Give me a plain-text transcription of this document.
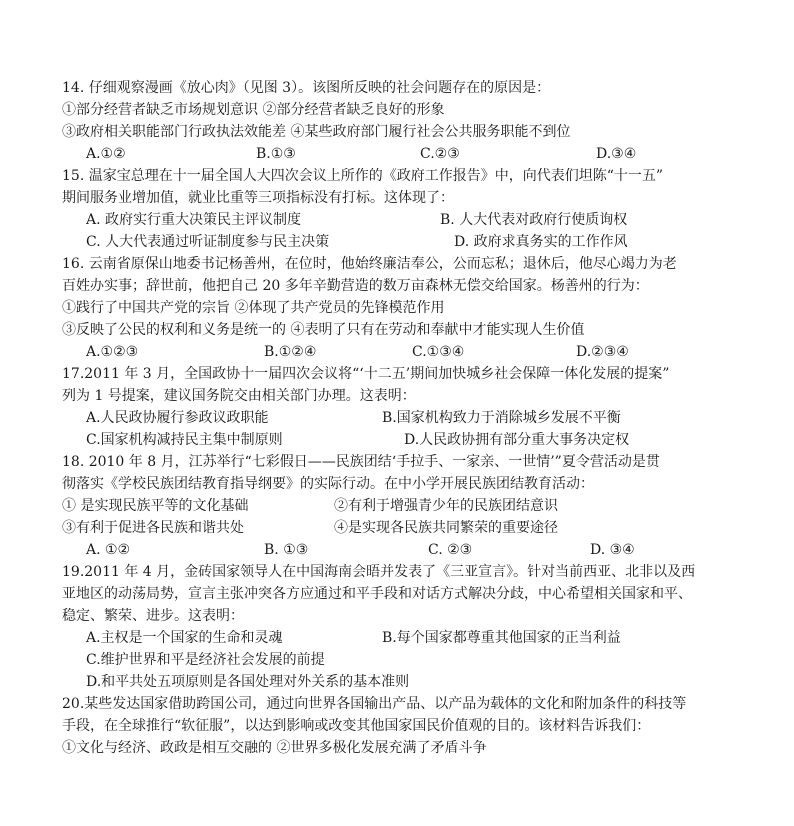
14. 仔细观察漫画《放心肉》（见图 3）。该图所反映的社会问题存在的原因是：
①部分经营者缺乏市场规划意识 ②部分经营者缺乏良好的形象
③政府相关职能部门行政执法效能差 ④某些政府部门履行社会公共服务职能不到位
A.①②	B.①③	C.②③	D.③④
15. 温家宝总理在十一届全国人大四次会议上所作的《政府工作报告》中，向代表们坦陈“十一五”
期间服务业增加值，就业比重等三项指标没有打标。这体现了：
A. 政府实行重大决策民主评议制度	B. 人大代表对政府行使质询权
C. 人大代表通过听证制度参与民主决策	D. 政府求真务实的工作作风
16. 云南省原保山地委书记杨善州，在位时，他始终廉洁奉公，公而忘私；退休后，他尽心竭力为老
百姓办实事；辞世前，他把自己 20 多年辛勤营造的数万亩森林无偿交给国家。杨善州的行为：
①践行了中国共产党的宗旨 ②体现了共产党员的先锋模范作用
③反映了公民的权利和义务是统一的 ④表明了只有在劳动和奉献中才能实现人生价值
A.①②③	B.①②④	C.①③④	D.②③④
17.2011 年 3 月，全国政协十一届四次会议将“‘十二五’期间加快城乡社会保障一体化发展的提案”
列为 1 号提案，建议国务院交由相关部门办理。这表明：
A.人民政协履行参政议政职能	B.国家机构致力于消除城乡发展不平衡
C.国家机构减持民主集中制原则	D.人民政协拥有部分重大事务决定权
18. 2010 年 8 月，江苏举行“七彩假日——民族团结‘手拉手、一家亲、一世情’”夏令营活动是贯
彻落实《学校民族团结教育指导纲要》的实际行动。在中小学开展民族团结教育活动：
① 是实现民族平等的文化基础	②有利于增强青少年的民族团结意识
③有利于促进各民族和谐共处	④是实现各民族共同繁荣的重要途径
A. ①②	B. ①③	C. ②③	D. ③④
19.2011 年 4 月，金砖国家领导人在中国海南会晤并发表了《三亚宣言》。针对当前西亚、北非以及西
亚地区的动荡局势，宣言主张冲突各方应通过和平手段和对话方式解决分歧，中心希望相关国家和平、
稳定、繁荣、进步。这表明：
A.主权是一个国家的生命和灵魂	B.每个国家都尊重其他国家的正当利益
C.维护世界和平是经济社会发展的前提
D.和平共处五项原则是各国处理对外关系的基本准则
20.某些发达国家借助跨国公司，通过向世界各国输出产品、以产品为载体的文化和附加条件的科技等
手段，在全球推行“软征服”，以达到影响或改变其他国家国民价值观的目的。该材料告诉我们：
①文化与经济、政政是相互交融的 ②世界多极化发展充满了矛盾斗争
